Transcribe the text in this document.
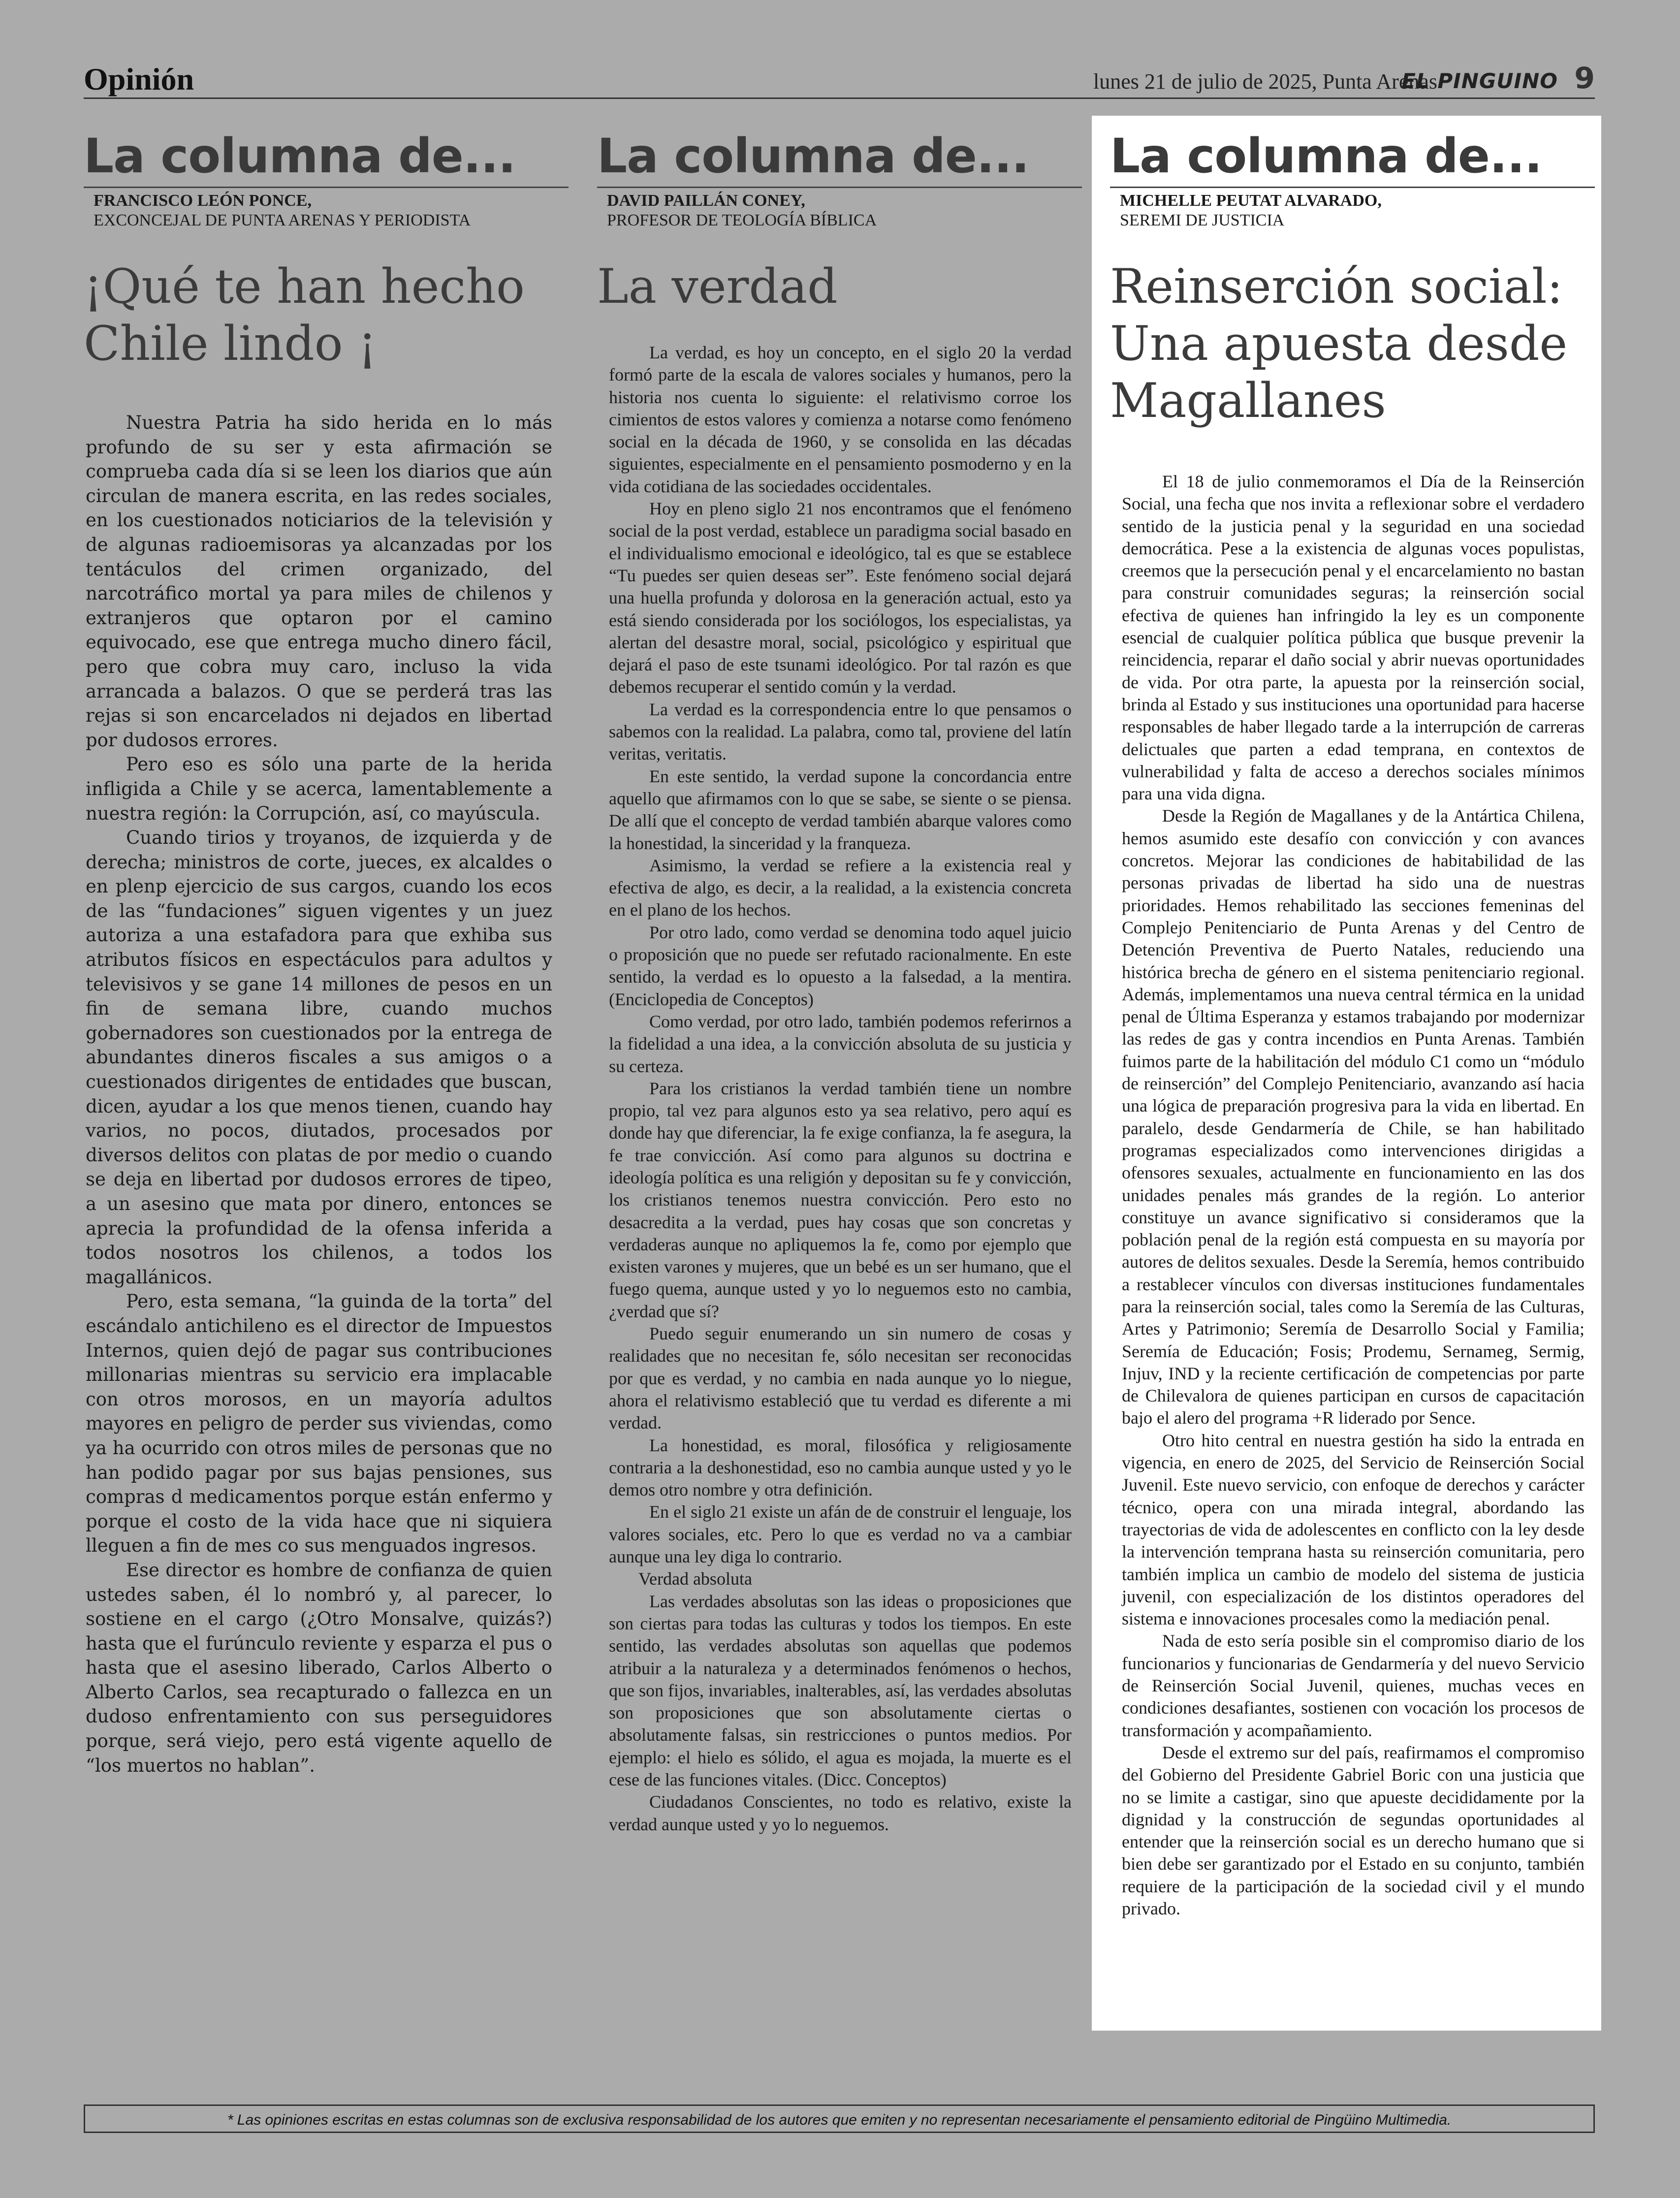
Opinión	lunes 21 de julio de 2025, Punta Arenas
EL PINGUINO 9
La columna de...
FRANCISCO LEÓN PONCE,
EXCONCEJAL DE PUNTA ARENAS Y PERIODISTA
¡Qué te han hecho Chile lindo ¡

Nuestra Patria ha sido herida en lo más profundo de su ser y esta afirmación se comprueba cada día si se leen los diarios que aún circulan de manera escrita, en las redes sociales, en los cuestionados noticiarios de la televisión y de algunas radioemisoras ya alcanzadas por los tentáculos del crimen organizado, del narcotráfico mortal ya para miles de chilenos y extranjeros que optaron por el camino equivocado, ese que entrega mucho dinero fácil, pero que cobra muy caro, incluso la vida arrancada a balazos. O que se perderá tras las rejas si son encarcelados ni dejados en libertad por dudosos errores.

Pero eso es sólo una parte de la herida infligida a Chile y se acerca, lamentablemente a nuestra región: la Corrupción, así, co mayúscula.

Cuando tirios y troyanos, de izquierda y de derecha; ministros de corte, jueces, ex alcaldes o en plenp ejercicio de sus cargos, cuando los ecos de las “fundaciones” siguen vigentes y un juez autoriza a una estafadora para que exhiba sus atributos físicos en espectáculos para adultos y televisivos y se gane 14 millones de pesos en un fin de semana libre, cuando muchos gobernadores son cuestionados por la entrega de abundantes dineros fiscales a sus amigos o a cuestionados dirigentes de entidades que buscan, dicen, ayudar a los que menos tienen, cuando hay varios, no pocos, diutados, procesados por diversos delitos con platas de por medio o cuando se deja en libertad por dudosos errores de tipeo, a un asesino que mata por dinero, entonces se aprecia la profundidad de la ofensa inferida a todos nosotros los chilenos, a todos los magallánicos.

Pero, esta semana, “la guinda de la torta” del escándalo antichileno es el director de Impuestos Internos, quien dejó de pagar sus contribuciones millonarias mientras su servicio era implacable con otros morosos, en un mayoría adultos mayores en peligro de perder sus viviendas, como ya ha ocurrido con otros miles de personas que no han podido pagar por sus bajas pensiones, sus compras d medicamentos porque están enfermo y porque el costo de la vida hace que ni siquiera lleguen a fin de mes co sus menguados ingresos.

Ese director es hombre de confianza de quien ustedes saben, él lo nombró y, al parecer, lo sostiene en el cargo (¿Otro Monsalve, quizás?) hasta que el furúnculo reviente y esparza el pus o hasta que el asesino liberado, Carlos Alberto o Alberto Carlos, sea recapturado o fallezca en un dudoso enfrentamiento con sus perseguidores porque, será viejo, pero está vigente aquello de “los muertos no hablan”.

La columna de...
DAVID PAILLÁN CONEY,
PROFESOR DE TEOLOGÍA BÍBLICA
La verdad

La verdad, es hoy un concepto, en el siglo 20 la verdad formó parte de la escala de valores sociales y humanos, pero la historia nos cuenta lo siguiente: el relativismo corroe los cimientos de estos valores y comienza a notarse como fenómeno social en la década de 1960, y se consolida en las décadas siguientes, especialmente en el pensamiento posmoderno y en la vida cotidiana de las sociedades occidentales.

Hoy en pleno siglo 21 nos encontramos que el fenómeno social de la post verdad, establece un paradigma social basado en el individualismo emocional e ideológico, tal es que se establece “Tu puedes ser quien deseas ser”. Este fenómeno social dejará una huella profunda y dolorosa en la generación actual, esto ya está siendo considerada por los sociólogos, los especialistas, ya alertan del desastre moral, social, psicológico y espiritual que dejará el paso de este tsunami ideológico. Por tal razón es que debemos recuperar el sentido común y la verdad.

La verdad es la correspondencia entre lo que pensamos o sabemos con la realidad. La palabra, como tal, proviene del latín veritas, veritatis.

En este sentido, la verdad supone la concordancia entre aquello que afirmamos con lo que se sabe, se siente o se piensa. De allí que el concepto de verdad también abarque valores como la honestidad, la sinceridad y la franqueza.

Asimismo, la verdad se refiere a la existencia real y efectiva de algo, es decir, a la realidad, a la existencia concreta en el plano de los hechos.

Por otro lado, como verdad se denomina todo aquel juicio o proposición que no puede ser refutado racionalmente. En este sentido, la verdad es lo opuesto a la falsedad, a la mentira. (Enciclopedia de Conceptos)

Como verdad, por otro lado, también podemos referirnos a la fidelidad a una idea, a la convicción absoluta de su justicia y su certeza.

Para los cristianos la verdad también tiene un nombre propio, tal vez para algunos esto ya sea relativo, pero aquí es donde hay que diferenciar, la fe exige confianza, la fe asegura, la fe trae convicción. Así como para algunos su doctrina e ideología política es una religión y depositan su fe y convicción, los cristianos tenemos nuestra convicción. Pero esto no desacredita a la verdad, pues hay cosas que son concretas y verdaderas aunque no apliquemos la fe, como por ejemplo que existen varones y mujeres, que un bebé es un ser humano, que el fuego quema, aunque usted y yo lo neguemos esto no cambia, ¿verdad que sí?

Puedo seguir enumerando un sin numero de cosas y realidades que no necesitan fe, sólo necesitan ser reconocidas por que es verdad, y no cambia en nada aunque yo lo niegue, ahora el relativismo estableció que tu verdad es diferente a mi verdad.

La honestidad, es moral, filosófica y religiosamente contraria a la deshonestidad, eso no cambia aunque usted y yo le demos otro nombre y otra definición.

En el siglo 21 existe un afán de de construir el lenguaje, los valores sociales, etc. Pero lo que es verdad no va a cambiar aunque una ley diga lo contrario.

Verdad absoluta

Las verdades absolutas son las ideas o proposiciones que son ciertas para todas las culturas y todos los tiempos. En este sentido, las verdades absolutas son aquellas que podemos atribuir a la naturaleza y a determinados fenómenos o hechos, que son fijos, invariables, inalterables, así, las verdades absolutas son proposiciones que son absolutamente ciertas o absolutamente falsas, sin restricciones o puntos medios. Por ejemplo: el hielo es sólido, el agua es mojada, la muerte es el cese de las funciones vitales. (Dicc. Conceptos)

Ciudadanos Conscientes, no todo es relativo, existe la verdad aunque usted y yo lo neguemos.

La columna de...
MICHELLE PEUTAT ALVARADO,
SEREMI DE JUSTICIA
Reinserción social: Una apuesta desde Magallanes

El 18 de julio conmemoramos el Día de la Reinserción Social, una fecha que nos invita a reflexionar sobre el verdadero sentido de la justicia penal y la seguridad en una sociedad democrática. Pese a la existencia de algunas voces populistas, creemos que la persecución penal y el encarcelamiento no bastan para construir comunidades seguras; la reinserción social efectiva de quienes han infringido la ley es un componente esencial de cualquier política pública que busque prevenir la reincidencia, reparar el daño social y abrir nuevas oportunidades de vida. Por otra parte, la apuesta por la reinserción social, brinda al Estado y sus instituciones una oportunidad para hacerse responsables de haber llegado tarde a la interrupción de carreras delictuales que parten a edad temprana, en contextos de vulnerabilidad y falta de acceso a derechos sociales mínimos para una vida digna.

Desde la Región de Magallanes y de la Antártica Chilena, hemos asumido este desafío con convicción y con avances concretos. Mejorar las condiciones de habitabilidad de las personas privadas de libertad ha sido una de nuestras prioridades. Hemos rehabilitado las secciones femeninas del Complejo Penitenciario de Punta Arenas y del Centro de Detención Preventiva de Puerto Natales, reduciendo una histórica brecha de género en el sistema penitenciario regional. Además, implementamos una nueva central térmica en la unidad penal de Última Esperanza y estamos trabajando por modernizar las redes de gas y contra incendios en Punta Arenas. También fuimos parte de la habilitación del módulo C1 como un “módulo de reinserción” del Complejo Penitenciario, avanzando así hacia una lógica de preparación progresiva para la vida en libertad. En paralelo, desde Gendarmería de Chile, se han habilitado programas especializados como intervenciones dirigidas a ofensores sexuales, actualmente en funcionamiento en las dos unidades penales más grandes de la región. Lo anterior constituye un avance significativo si consideramos que la población penal de la región está compuesta en su mayoría por autores de delitos sexuales. Desde la Seremía, hemos contribuido a restablecer vínculos con diversas instituciones fundamentales para la reinserción social, tales como la Seremía de las Culturas, Artes y Patrimonio; Seremía de Desarrollo Social y Familia; Seremía de Educación; Fosis; Prodemu, Sernameg, Sermig, Injuv, IND y la reciente certificación de competencias por parte de Chilevalora de quienes participan en cursos de capacitación bajo el alero del programa +R liderado por Sence.

Otro hito central en nuestra gestión ha sido la entrada en vigencia, en enero de 2025, del Servicio de Reinserción Social Juvenil. Este nuevo servicio, con enfoque de derechos y carácter técnico, opera con una mirada integral, abordando las trayectorias de vida de adolescentes en conflicto con la ley desde la intervención temprana hasta su reinserción comunitaria, pero también implica un cambio de modelo del sistema de justicia juvenil, con especialización de los distintos operadores del sistema e innovaciones procesales como la mediación penal.

Nada de esto sería posible sin el compromiso diario de los funcionarios y funcionarias de Gendarmería y del nuevo Servicio de Reinserción Social Juvenil, quienes, muchas veces en condiciones desafiantes, sostienen con vocación los procesos de transformación y acompañamiento.

Desde el extremo sur del país, reafirmamos el compromiso del Gobierno del Presidente Gabriel Boric con una justicia que no se limite a castigar, sino que apueste decididamente por la dignidad y la construcción de segundas oportunidades al entender que la reinserción social es un derecho humano que si bien debe ser garantizado por el Estado en su conjunto, también requiere de la participación de la sociedad civil y el mundo privado.

* Las opiniones escritas en estas columnas son de exclusiva responsabilidad de los autores que emiten y no representan necesariamente el pensamiento editorial de Pingüino Multimedia.
